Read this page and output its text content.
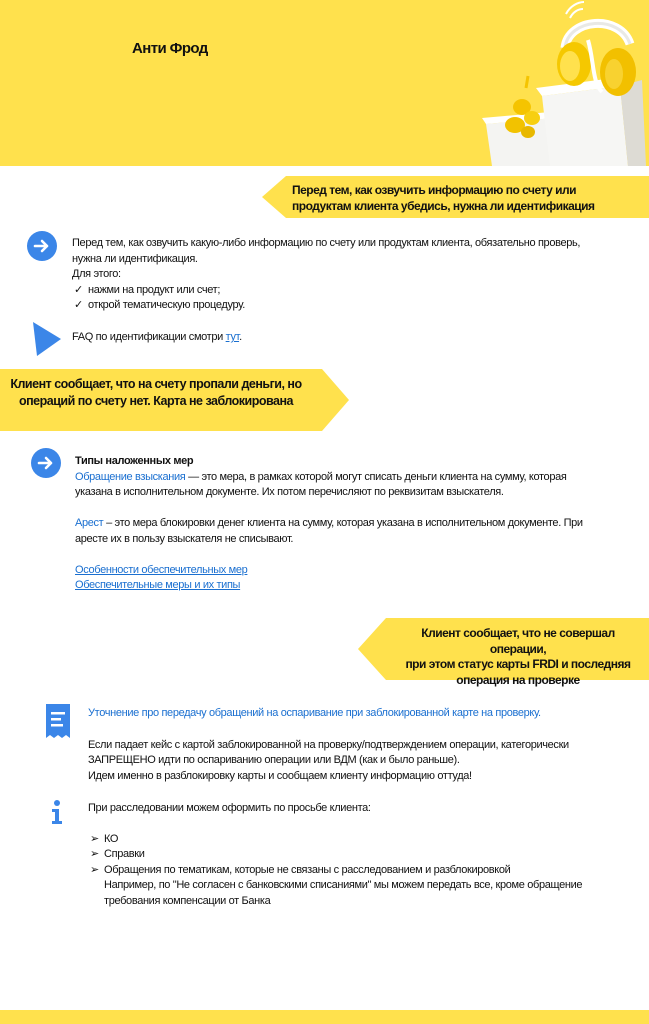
Анти Фрод
Перед тем, как озвучить информацию по счету или продуктам клиента убедись, нужна ли идентификация
Перед тем, как озвучить какую-либо информацию по счету или продуктам клиента, обязательно проверь,
нужна ли идентификация.
Для этого:
✓ нажми на продукт или счет;
✓ открой тематическую процедуру.
FAQ по идентификации смотри тут.
Клиент сообщает, что на счету пропали деньги, но
операций по счету нет. Карта не заблокирована
Типы наложенных мер
Обращение взыскания — это мера, в рамках которой могут списать деньги клиента на сумму, которая
указана в исполнительном документе. Их потом перечисляют по реквизитам взыскателя.
Арест – это мера блокировки денег клиента на сумму, которая указана в исполнительном документе. При
аресте их в пользу взыскателя не списывают.
Особенности обеспечительных мер
Обеспечительные меры и их типы
Клиент сообщает, что не совершал операции,
при этом статус карты FRDI и последняя
операция на проверке
Уточнение про передачу обращений на оспаривание при заблокированной карте на проверку.
Если падает кейс с картой заблокированной на проверку/подтверждением операции, категорически
ЗАПРЕЩЕНО идти по оспариванию операции или ВДМ (как и было раньше).
Идем именно в разблокировку карты и сообщаем клиенту информацию оттуда!
При расследовании можем оформить по просьбе клиента:
➢ КО
➢ Справки
➢ Обращения по тематикам, которые не связаны с расследованием и разблокировкой
Например, по "Не согласен с банковскими списаниями" мы можем передать все, кроме обращение
требования компенсации от Банка
